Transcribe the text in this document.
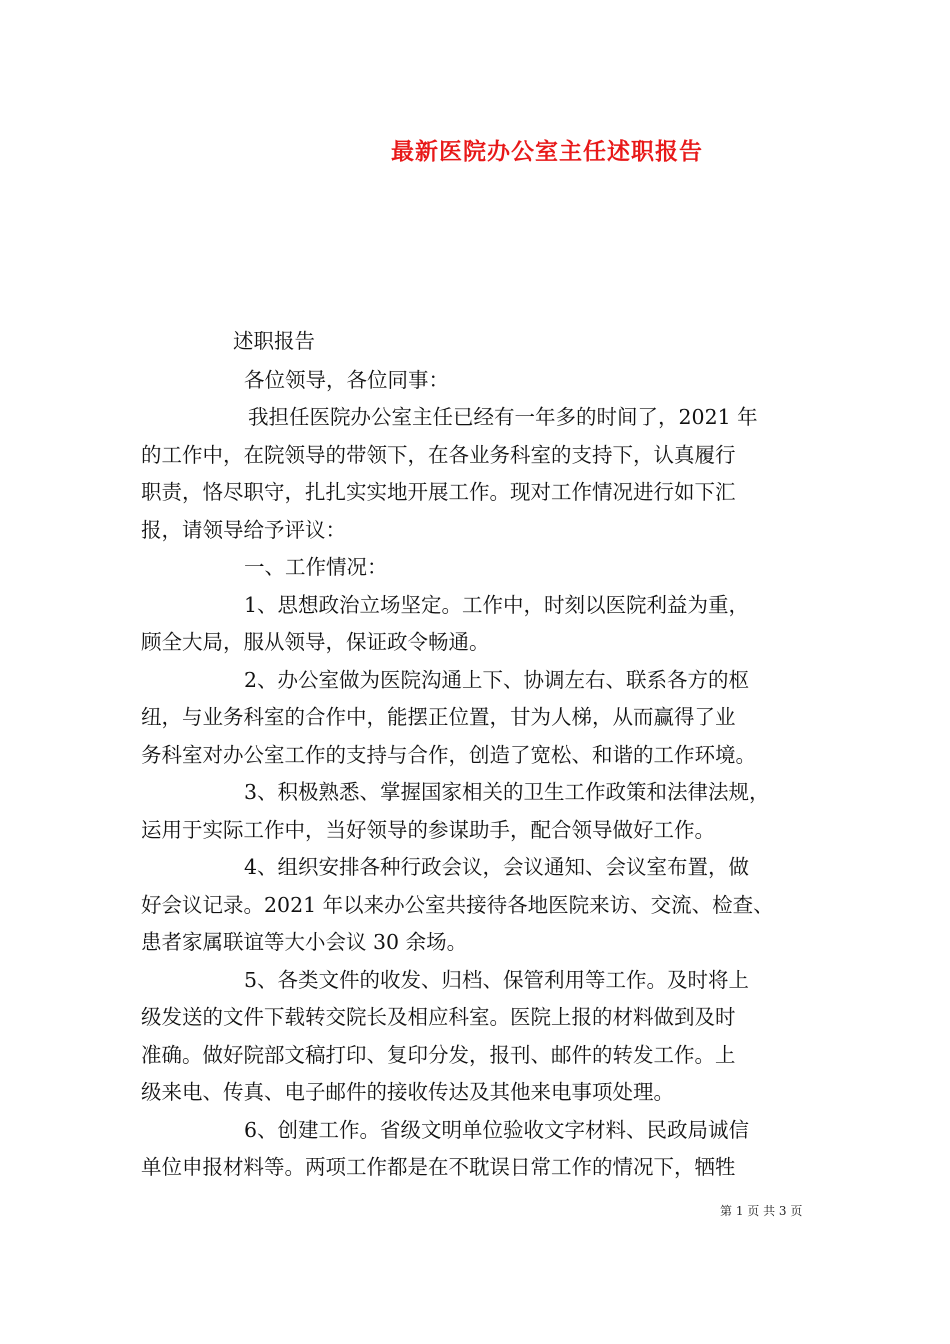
最新医院办公室主任述职报告
述职报告
各位领导，各位同事：
我担任医院办公室主任已经有一年多的时间了，2021 年
的工作中，在院领导的带领下，在各业务科室的支持下，认真履行
职责，恪尽职守，扎扎实实地开展工作。现对工作情况进行如下汇
报，请领导给予评议：
一、工作情况：
1、思想政治立场坚定。工作中，时刻以医院利益为重，
顾全大局，服从领导，保证政令畅通。
2、办公室做为医院沟通上下、协调左右、联系各方的枢
纽，与业务科室的合作中，能摆正位置，甘为人梯，从而赢得了业
务科室对办公室工作的支持与合作，创造了宽松、和谐的工作环境。
3、积极熟悉、掌握国家相关的卫生工作政策和法律法规，
运用于实际工作中，当好领导的参谋助手，配合领导做好工作。
4、组织安排各种行政会议，会议通知、会议室布置，做
好会议记录。2021 年以来办公室共接待各地医院来访、交流、检查、
患者家属联谊等大小会议 30 余场。
5、各类文件的收发、归档、保管利用等工作。及时将上
级发送的文件下载转交院长及相应科室。医院上报的材料做到及时
准确。做好院部文稿打印、复印分发，报刊、邮件的转发工作。上
级来电、传真、电子邮件的接收传达及其他来电事项处理。
6、创建工作。省级文明单位验收文字材料、民政局诚信
单位申报材料等。两项工作都是在不耽误日常工作的情况下，牺牲
第 1 页 共 3 页
